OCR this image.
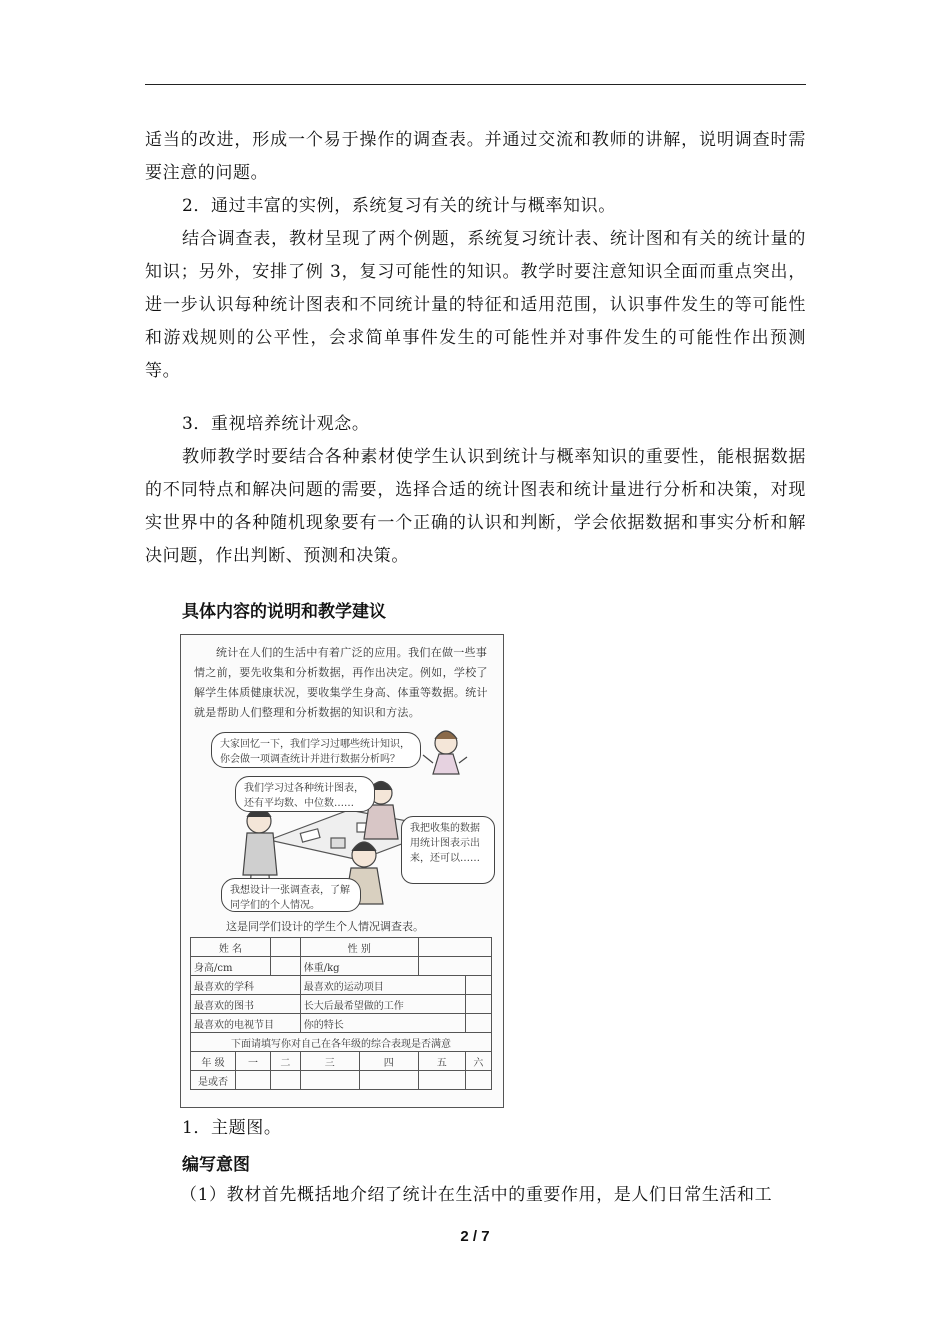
适当的改进，形成一个易于操作的调查表。并通过交流和教师的讲解，说明调查时需要注意的问题。

2．通过丰富的实例，系统复习有关的统计与概率知识。

结合调查表，教材呈现了两个例题，系统复习统计表、统计图和有关的统计量的知识；另外，安排了例 3，复习可能性的知识。教学时要注意知识全面而重点突出，进一步认识每种统计图表和不同统计量的特征和适用范围，认识事件发生的等可能性和游戏规则的公平性，会求简单事件发生的可能性并对事件发生的可能性作出预测等。

3．重视培养统计观念。

教师教学时要结合各种素材使学生认识到统计与概率知识的重要性，能根据数据的不同特点和解决问题的需要，选择合适的统计图表和统计量进行分析和决策，对现实世界中的各种随机现象要有一个正确的认识和判断，学会依据数据和事实分析和解决问题，作出判断、预测和决策。

具体内容的说明和教学建议

统计在人们的生活中有着广泛的应用。我们在做一些事情之前，要先收集和分析数据，再作出决定。例如，学校了解学生体质健康状况，要收集学生身高、体重等数据。统计就是帮助人们整理和分析数据的知识和方法。

大家回忆一下，我们学习过哪些统计知识，你会做一项调查统计并进行数据分析吗？
我们学习过各种统计图表，还有平均数、中位数……
我把收集的数据用统计图表示出来，还可以……
我想设计一张调查表，了解同学们的个人情况。

这是同学们设计的学生个人情况调查表。

姓 名			性 别			
身高/cm			体重/kg			
最喜欢的学科			最喜欢的运动项目			
最喜欢的图书			长大后最希望做的工作			
最喜欢的电视节目			你的特长			
下面请填写你对自己在各年级的综合表现是否满意						
年 级	一	二	三	四	五	六
是或否						

1．主题图。

编写意图

（1）教材首先概括地介绍了统计在生活中的重要作用，是人们日常生活和工

2 / 7
